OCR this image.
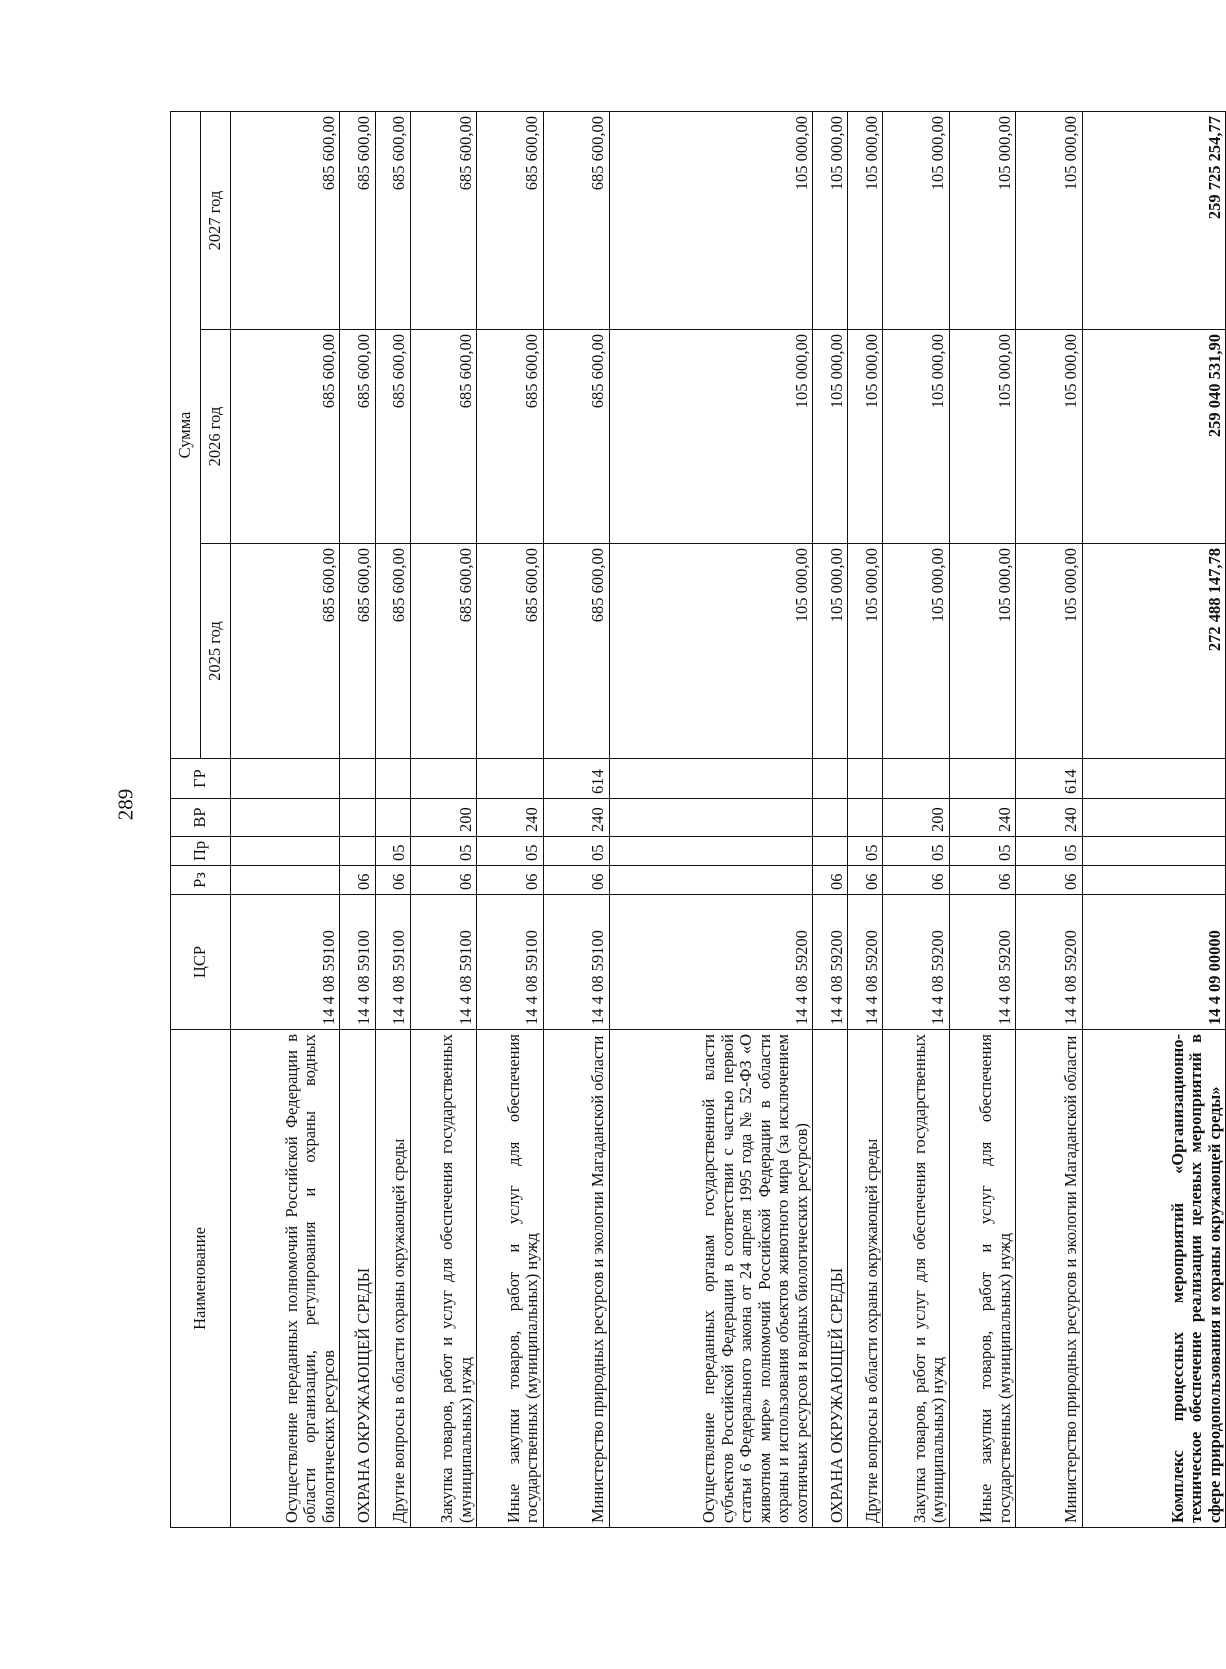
289
Наименование	ЦСР	Рз	Пр	ВР	ГР	Сумма		
						2025 год	2026 год	2027 год
Осуществление переданных полномочий Российской Федерации в области организации, регулирования и охраны водных биологических ресурсов	14 4 08 59100					685 600,00	685 600,00	685 600,00
ОХРАНА ОКРУЖАЮЩЕЙ СРЕДЫ	14 4 08 59100	06				685 600,00	685 600,00	685 600,00
Другие вопросы в области охраны окружающей среды	14 4 08 59100	06	05			685 600,00	685 600,00	685 600,00
Закупка товаров, работ и услуг для обеспечения государственных (муниципальных) нужд	14 4 08 59100	06	05	200		685 600,00	685 600,00	685 600,00
Иные закупки товаров, работ и услуг для обеспечения государственных (муниципальных) нужд	14 4 08 59100	06	05	240		685 600,00	685 600,00	685 600,00
Министерство природных ресурсов и экологии Магаданской области	14 4 08 59100	06	05	240	614	685 600,00	685 600,00	685 600,00
Осуществление переданных органам государственной власти субъектов Российской Федерации в соответствии с частью первой статьи 6 Федерального закона от 24 апреля 1995 года № 52-ФЗ «О животном мире» полномочий Российской Федерации в области охраны и использования объектов животного мира (за исключением охотничьих ресурсов и водных биологических ресурсов)	14 4 08 59200					105 000,00	105 000,00	105 000,00
ОХРАНА ОКРУЖАЮЩЕЙ СРЕДЫ	14 4 08 59200	06				105 000,00	105 000,00	105 000,00
Другие вопросы в области охраны окружающей среды	14 4 08 59200	06	05			105 000,00	105 000,00	105 000,00
Закупка товаров, работ и услуг для обеспечения государственных (муниципальных) нужд	14 4 08 59200	06	05	200		105 000,00	105 000,00	105 000,00
Иные закупки товаров, работ и услуг для обеспечения государственных (муниципальных) нужд	14 4 08 59200	06	05	240		105 000,00	105 000,00	105 000,00
Министерство природных ресурсов и экологии Магаданской области	14 4 08 59200	06	05	240	614	105 000,00	105 000,00	105 000,00
Комплекс процессных мероприятий «Организационно-техническое обеспечение реализации целевых мероприятий в сфере природопользования и охраны окружающей среды»	14 4 09 00000					272 488 147,78	259 040 531,90	259 725 254,77
